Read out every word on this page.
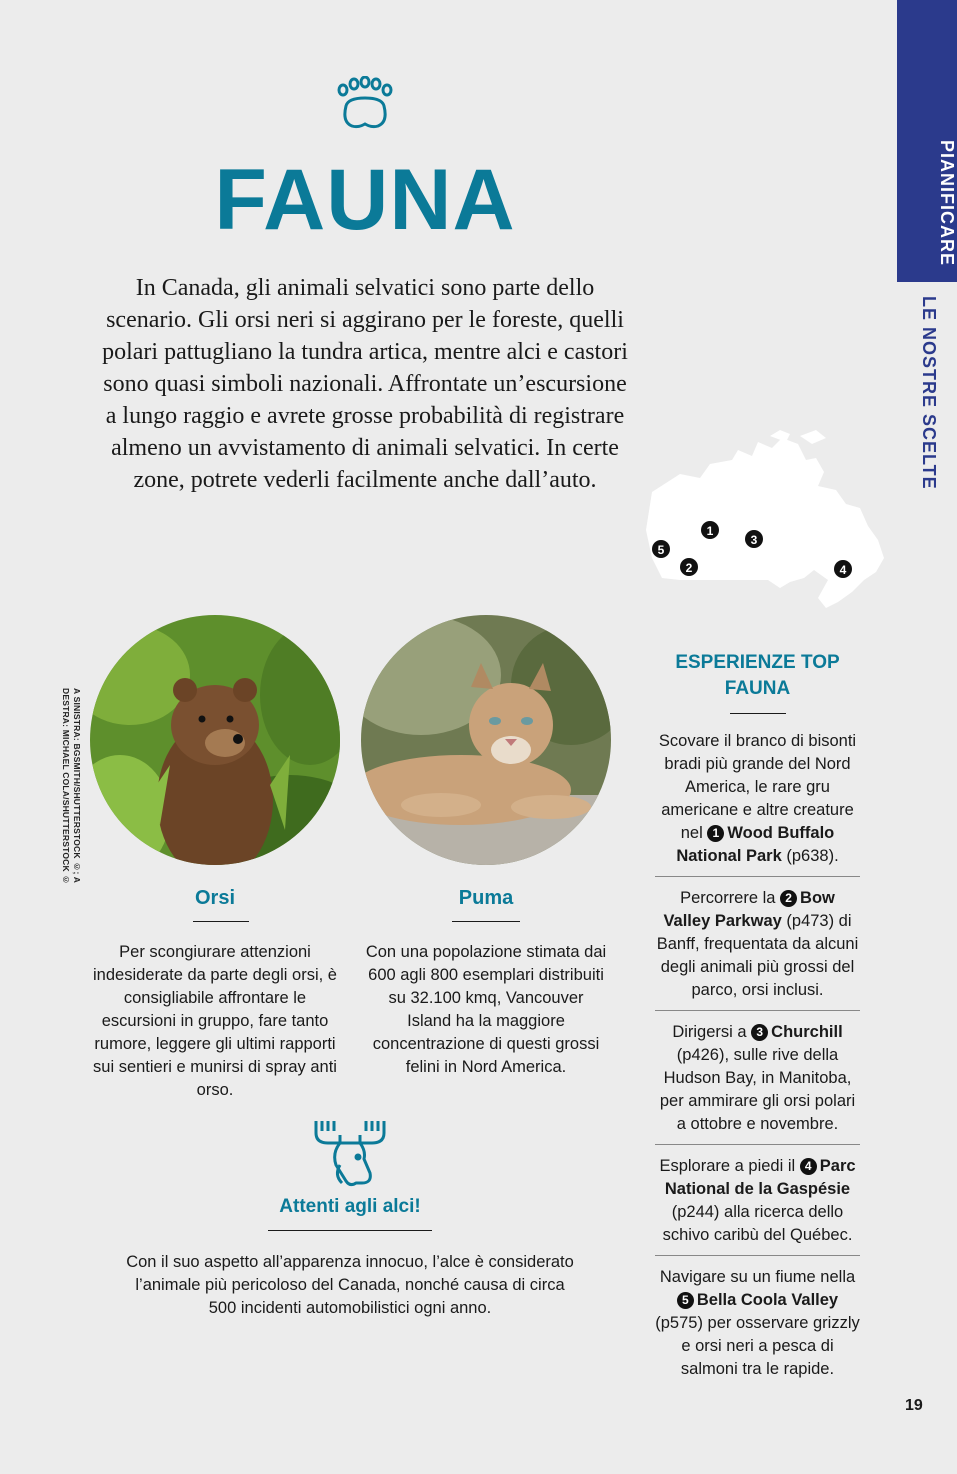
PIANIFICARE
LE NOSTRE SCELTE
FAUNA
In Canada, gli animali selvatici sono parte dello scenario. Gli orsi neri si aggirano per le foreste, quelli polari pattugliano la tundra artica, mentre alci e castori sono quasi simboli nazionali. Affrontate un’escursione a lungo raggio e avrete grosse probabilità di registrare almeno un avvistamento di animali selvatici. In certe zone, potrete vederli facilmente anche dall’auto.
1
2
3
4
5
A SINISTRA: BGSMITH/SHUTTERSTOCK ©; A DESTRA: MICHAEL COLA/SHUTTERSTOCK ©
Orsi
Per scongiurare attenzioni indesiderate da parte degli orsi, è consigliabile affrontare le escursioni in gruppo, fare tanto rumore, leggere gli ultimi rapporti sui sentieri e munirsi di spray anti orso.
Puma
Con una popolazione stimata dai 600 agli 800 esemplari distribuiti su 32.100 kmq, Vancouver Island ha la maggiore concentrazione di questi grossi felini in Nord America.
Attenti agli alci!
Con il suo aspetto all’apparenza innocuo, l’alce è considerato l’animale più pericoloso del Canada, nonché causa di circa 500 incidenti automobilistici ogni anno.
ESPERIENZE TOP
FAUNA
Scovare il branco di bisonti bradi più grande del Nord America, le rare gru americane e altre creature nel 1 Wood Buffalo National Park (p638).
Percorrere la 2 Bow Valley Parkway (p473) di Banff, frequentata da alcuni degli animali più grossi del parco, orsi inclusi.
Dirigersi a 3 Churchill (p426), sulle rive della Hudson Bay, in Manitoba, per ammirare gli orsi polari a ottobre e novembre.
Esplorare a piedi il 4 Parc National de la Gaspésie (p244) alla ricerca dello schivo caribù del Québec.
Navigare su un fiume nella 5 Bella Coola Valley (p575) per osservare grizzly e orsi neri a pesca di salmoni tra le rapide.
19
